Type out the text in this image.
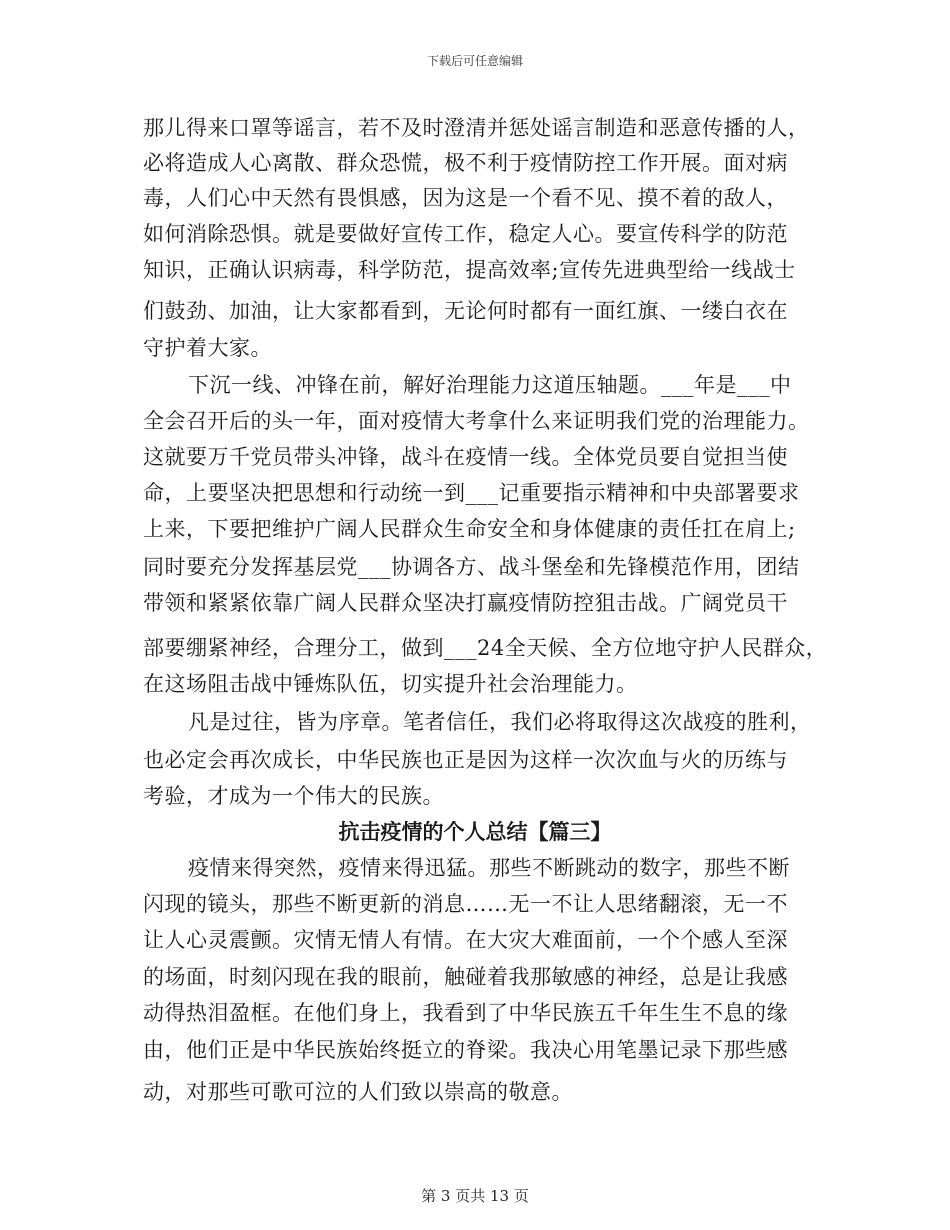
下载后可任意编辑
那儿得来口罩等谣言，若不及时澄清并惩处谣言制造和恶意传播的人，
必将造成人心离散、群众恐慌，极不利于疫情防控工作开展。面对病
毒，人们心中天然有畏惧感，因为这是一个看不见、摸不着的敌人，
如何消除恐惧。就是要做好宣传工作，稳定人心。要宣传科学的防范
知识，正确认识病毒，科学防范，提高效率;宣传先进典型给一线战士
们鼓劲、加油，让大家都看到，无论何时都有一面红旗、一缕白衣在
守护着大家。
下沉一线、冲锋在前，解好治理能力这道压轴题。___年是___中
全会召开后的头一年，面对疫情大考拿什么来证明我们党的治理能力。
这就要万千党员带头冲锋，战斗在疫情一线。全体党员要自觉担当使
命，上要坚决把思想和行动统一到___记重要指示精神和中央部署要求
上来，下要把维护广阔人民群众生命安全和身体健康的责任扛在肩上;
同时要充分发挥基层党___协调各方、战斗堡垒和先锋模范作用，团结
带领和紧紧依靠广阔人民群众坚决打赢疫情防控狙击战。广阔党员干
部要绷紧神经，合理分工，做到___24全天候、全方位地守护人民群众，
在这场阻击战中锤炼队伍，切实提升社会治理能力。
凡是过往，皆为序章。笔者信任，我们必将取得这次战疫的胜利，
也必定会再次成长，中华民族也正是因为这样一次次血与火的历练与
考验，才成为一个伟大的民族。
抗击疫情的个人总结【篇三】
疫情来得突然，疫情来得迅猛。那些不断跳动的数字，那些不断
闪现的镜头，那些不断更新的消息……无一不让人思绪翻滚，无一不
让人心灵震颤。灾情无情人有情。在大灾大难面前，一个个感人至深
的场面，时刻闪现在我的眼前，触碰着我那敏感的神经，总是让我感
动得热泪盈框。在他们身上，我看到了中华民族五千年生生不息的缘
由，他们正是中华民族始终挺立的脊梁。我决心用笔墨记录下那些感
动，对那些可歌可泣的人们致以崇高的敬意。
第 3 页共 13 页
